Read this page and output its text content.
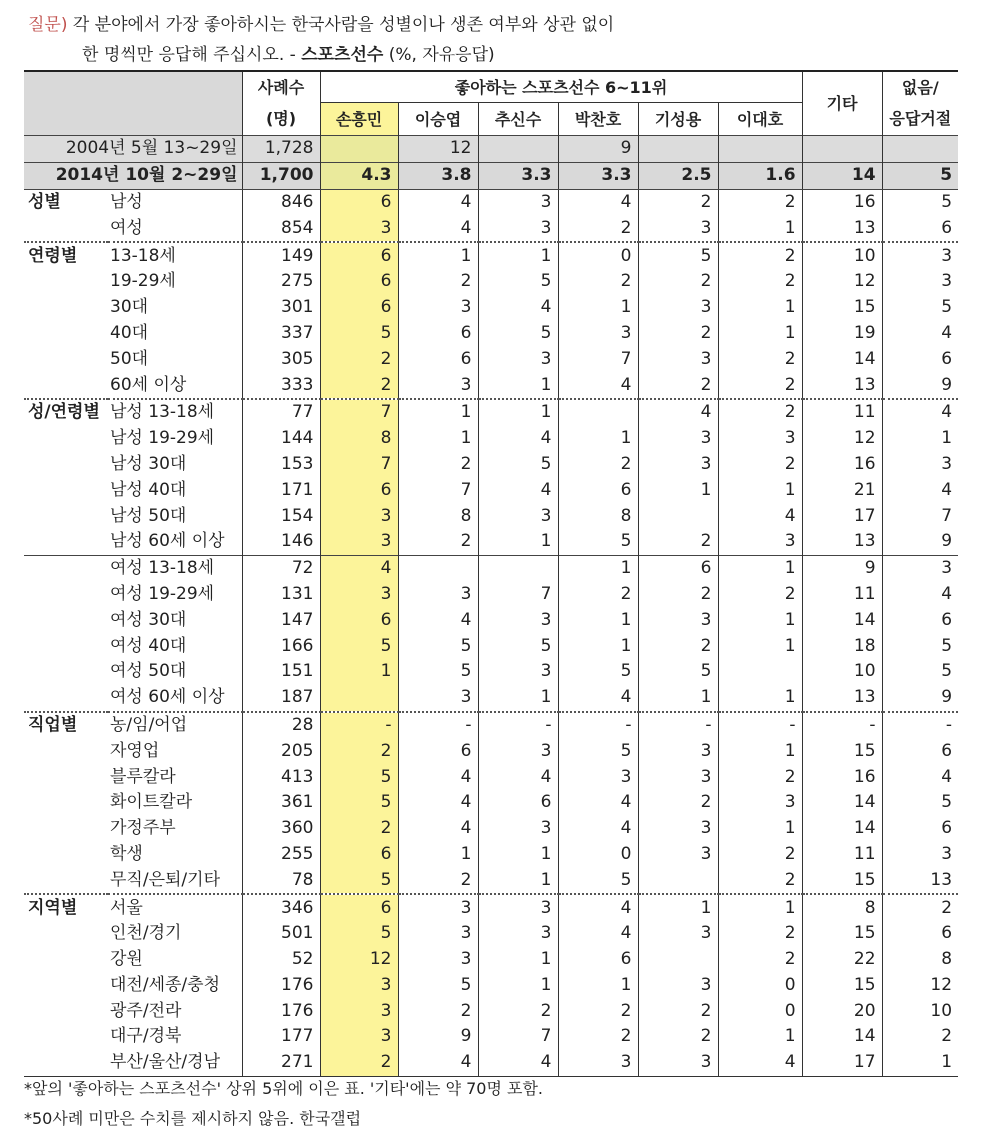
질문) 각 분야에서 가장 좋아하시는 한국사람을 성별이나 생존 여부와 상관 없이
한 명씩만 응답해 주십시오. - 스포츠선수 (%, 자유응답)
		사례수	좋아하는 스포츠선수 6~11위						기타	없음/
		(명)	손흥민	이승엽	추신수	박찬호	기성용	이대호		응답거절
2004년 5월 13~29일		1,728		12		9				
2014년 10월 2~29일		1,700	4.3	3.8	3.3	3.3	2.5	1.6	14	5
성별	남성	846	6	4	3	4	2	2	16	5
	여성	854	3	4	3	2	3	1	13	6
연령별	13-18세	149	6	1	1	0	5	2	10	3
	19-29세	275	6	2	5	2	2	2	12	3
	30대	301	6	3	4	1	3	1	15	5
	40대	337	5	6	5	3	2	1	19	4
	50대	305	2	6	3	7	3	2	14	6
	60세 이상	333	2	3	1	4	2	2	13	9
성/연령별	남성 13-18세	77	7	1	1		4	2	11	4
	남성 19-29세	144	8	1	4	1	3	3	12	1
	남성 30대	153	7	2	5	2	3	2	16	3
	남성 40대	171	6	7	4	6	1	1	21	4
	남성 50대	154	3	8	3	8		4	17	7
	남성 60세 이상	146	3	2	1	5	2	3	13	9
	여성 13-18세	72	4			1	6	1	9	3
	여성 19-29세	131	3	3	7	2	2	2	11	4
	여성 30대	147	6	4	3	1	3	1	14	6
	여성 40대	166	5	5	5	1	2	1	18	5
	여성 50대	151	1	5	3	5	5		10	5
	여성 60세 이상	187		3	1	4	1	1	13	9
직업별	농/임/어업	28	-	-	-	-	-	-	-	-
	자영업	205	2	6	3	5	3	1	15	6
	블루칼라	413	5	4	4	3	3	2	16	4
	화이트칼라	361	5	4	6	4	2	3	14	5
	가정주부	360	2	4	3	4	3	1	14	6
	학생	255	6	1	1	0	3	2	11	3
	무직/은퇴/기타	78	5	2	1	5		2	15	13
지역별	서울	346	6	3	3	4	1	1	8	2
	인천/경기	501	5	3	3	4	3	2	15	6
	강원	52	12	3	1	6		2	22	8
	대전/세종/충청	176	3	5	1	1	3	0	15	12
	광주/전라	176	3	2	2	2	2	0	20	10
	대구/경북	177	3	9	7	2	2	1	14	2
	부산/울산/경남	271	2	4	4	3	3	4	17	1
*앞의 '좋아하는 스포츠선수' 상위 5위에 이은 표. '기타'에는 약 70명 포함.
*50사례 미만은 수치를 제시하지 않음. 한국갤럽
